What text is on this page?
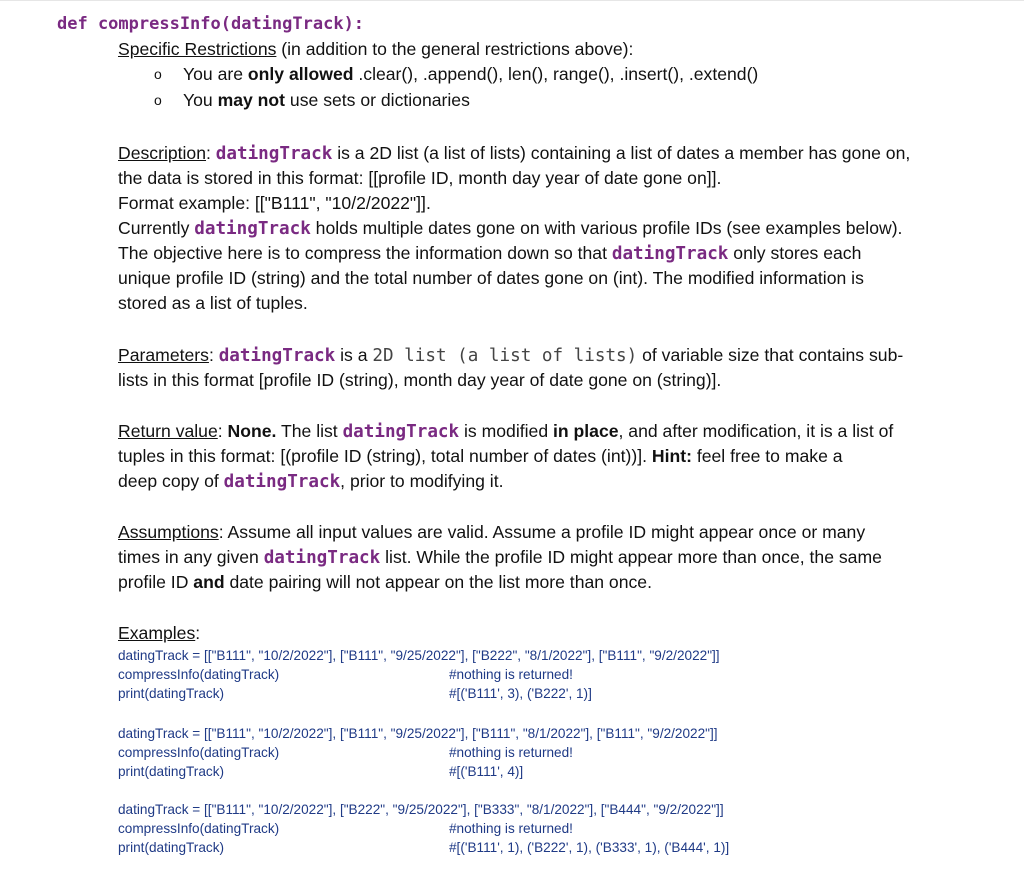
def compressInfo(datingTrack):
Specific Restrictions (in addition to the general restrictions above):
o You are only allowed .clear(), .append(), len(), range(), .insert(), .extend()
o You may not use sets or dictionaries
Description: datingTrack is a 2D list (a list of lists) containing a list of dates a member has gone on,
the data is stored in this format: [[profile ID, month day year of date gone on]].
Format example: [["B111", "10/2/2022"]].
Currently datingTrack holds multiple dates gone on with various profile IDs (see examples below).
The objective here is to compress the information down so that datingTrack only stores each
unique profile ID (string) and the total number of dates gone on (int). The modified information is
stored as a list of tuples.
Parameters: datingTrack is a 2D list (a list of lists) of variable size that contains sub-
lists in this format [profile ID (string), month day year of date gone on (string)].
Return value: None. The list datingTrack is modified in place, and after modification, it is a list of
tuples in this format: [(profile ID (string), total number of dates (int))]. Hint: feel free to make a
deep copy of datingTrack, prior to modifying it.
Assumptions: Assume all input values are valid. Assume a profile ID might appear once or many
times in any given datingTrack list. While the profile ID might appear more than once, the same
profile ID and date pairing will not appear on the list more than once.
Examples:
datingTrack = [["B111", "10/2/2022"], ["B111", "9/25/2022"], ["B222", "8/1/2022"], ["B111", "9/2/2022"]]
compressInfo(datingTrack)	#nothing is returned!
print(datingTrack)	#[('B111', 3), ('B222', 1)]
datingTrack = [["B111", "10/2/2022"], ["B111", "9/25/2022"], ["B111", "8/1/2022"], ["B111", "9/2/2022"]]
compressInfo(datingTrack)	#nothing is returned!
print(datingTrack)	#[('B111', 4)]
datingTrack = [["B111", "10/2/2022"], ["B222", "9/25/2022"], ["B333", "8/1/2022"], ["B444", "9/2/2022"]]
compressInfo(datingTrack)	#nothing is returned!
print(datingTrack)	#[('B111', 1), ('B222', 1), ('B333', 1), ('B444', 1)]
